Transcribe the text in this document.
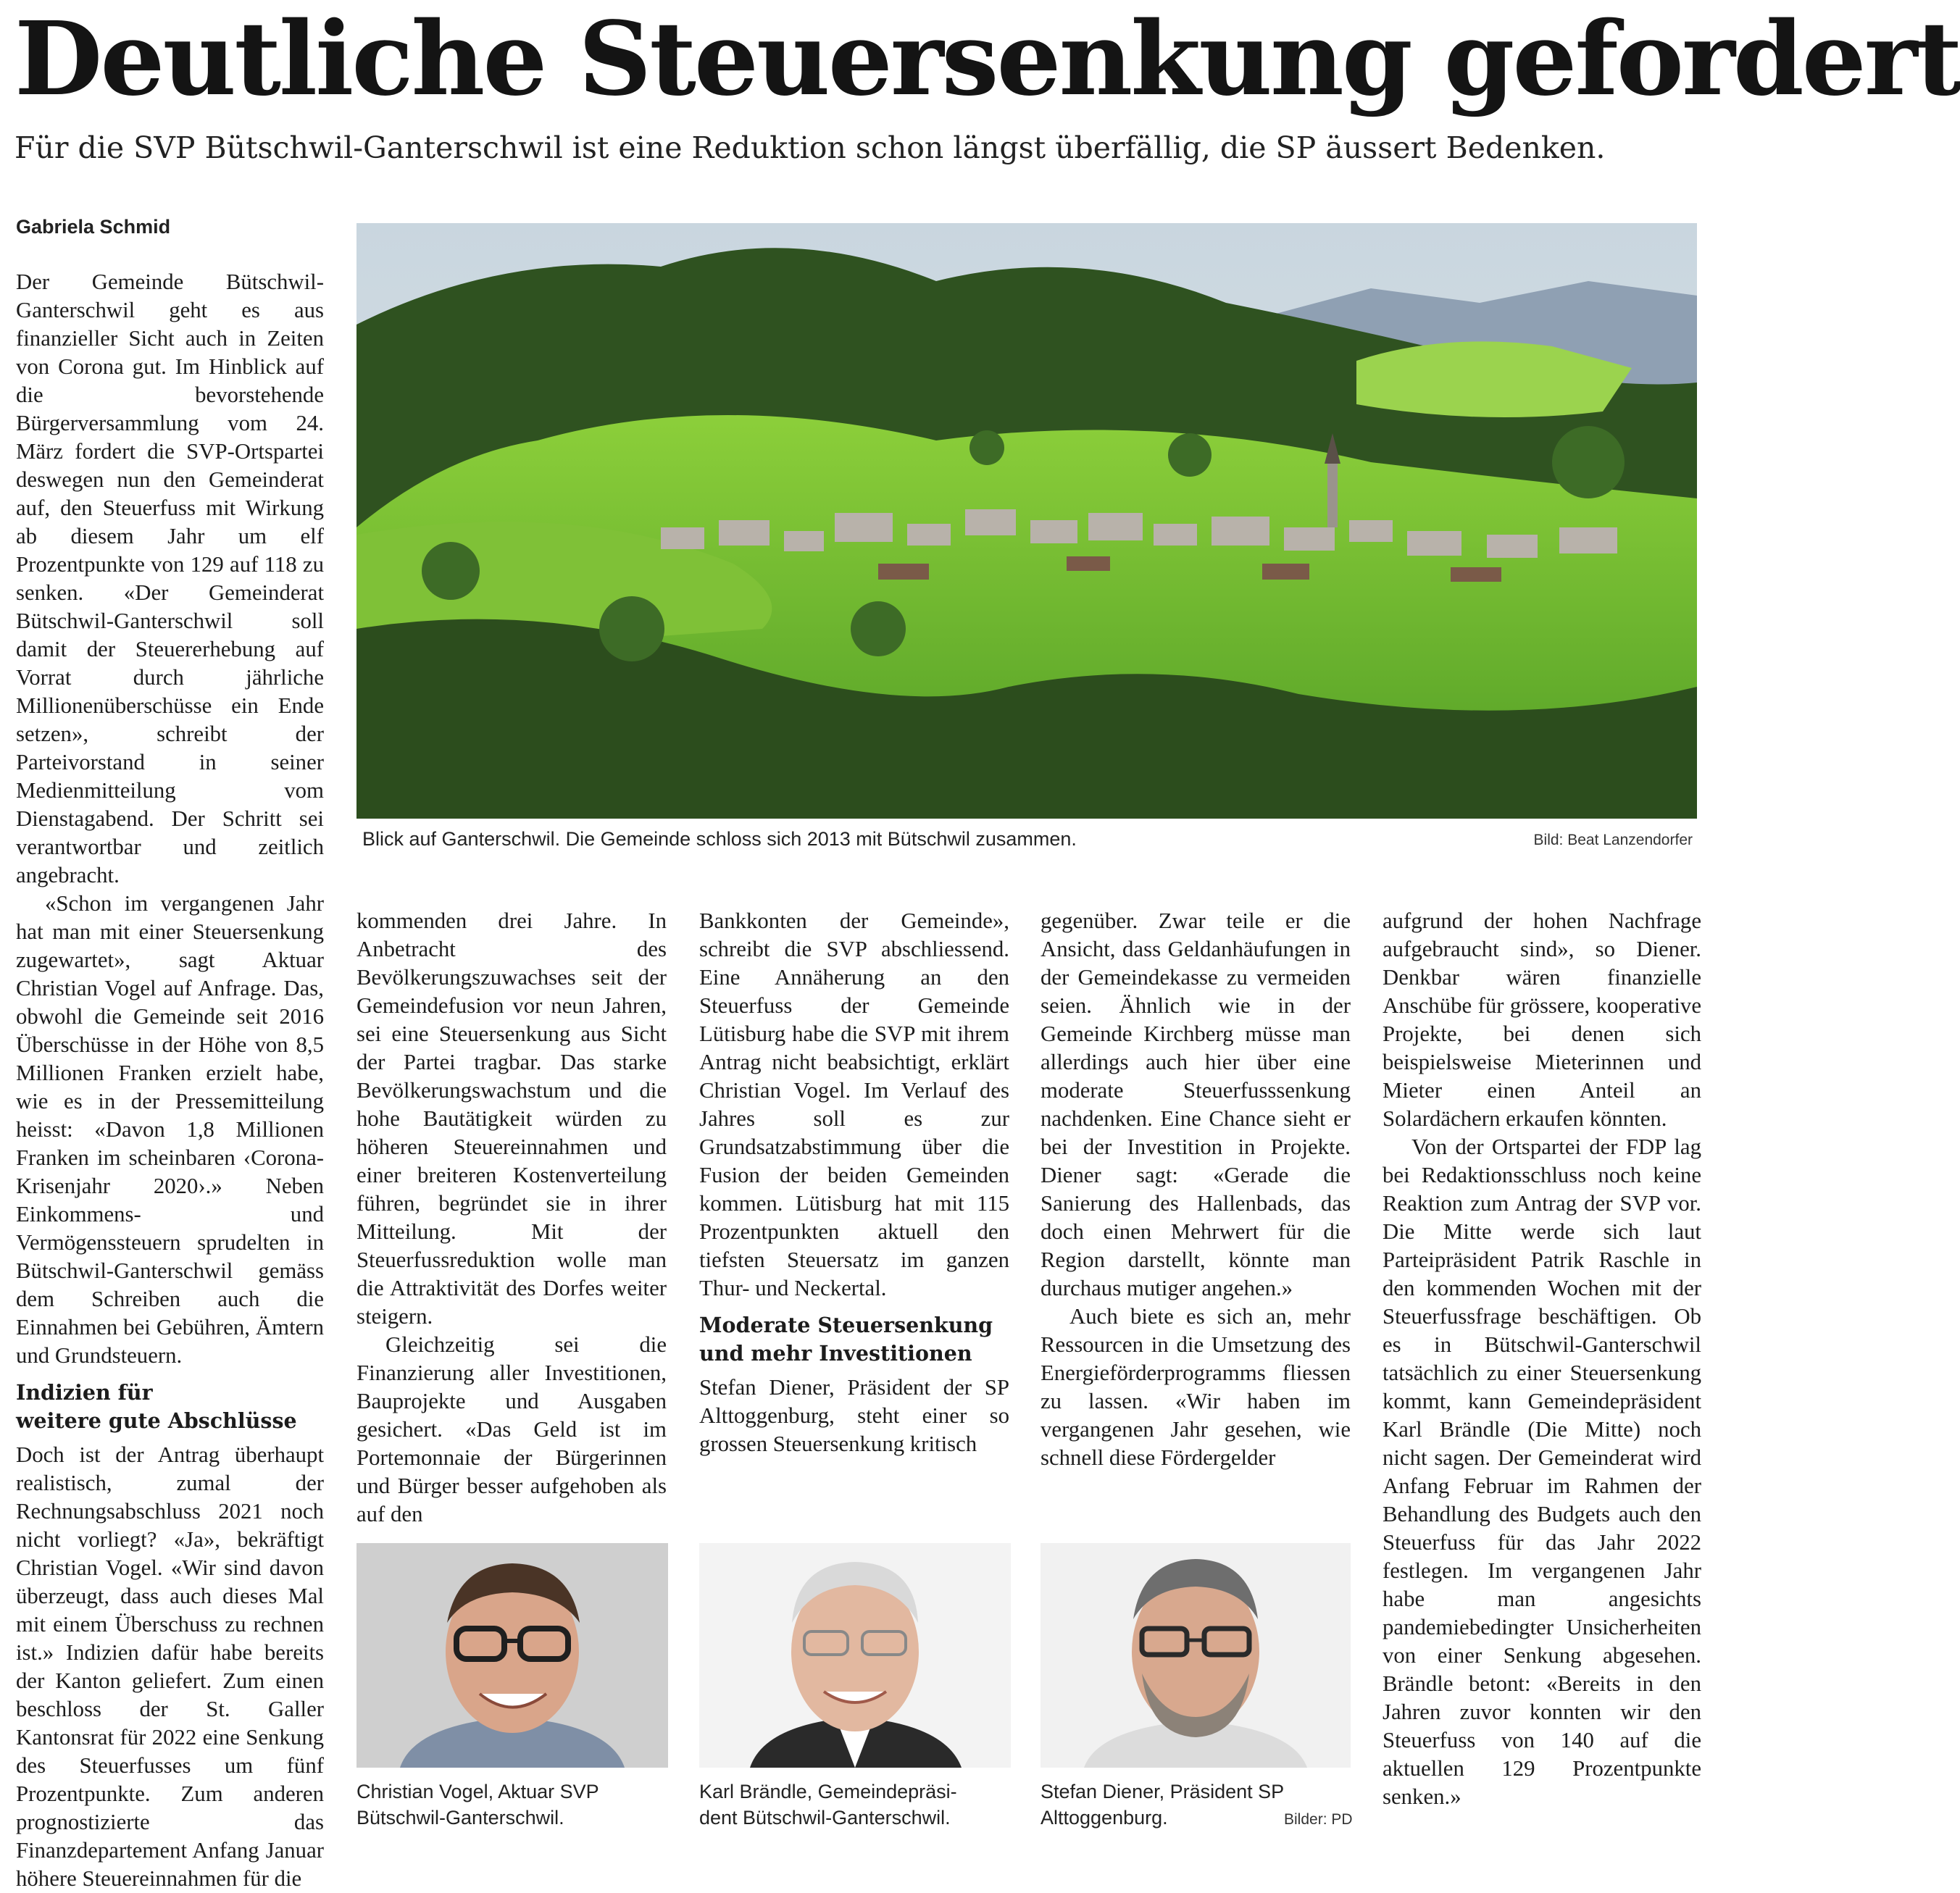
Deutliche Steuersenkung gefordert

Für die SVP Bütschwil-Ganterschwil ist eine Reduktion schon längst überfällig, die SP äussert Bedenken.

Gabriela Schmid

Der Gemeinde Bütschwil-Ganterschwil geht es aus finanzieller Sicht auch in Zeiten von Corona gut. Im Hinblick auf die bevorstehende Bürgerversammlung vom 24. März fordert die SVP-Ortspartei deswegen nun den Gemeinderat auf, den Steuerfuss mit Wirkung ab diesem Jahr um elf Prozentpunkte von 129 auf 118 zu senken. «Der Gemeinderat Bütschwil-Ganterschwil soll damit der Steuererhebung auf Vorrat durch jährliche Millionenüberschüsse ein Ende setzen», schreibt der Parteivorstand in seiner Medienmitteilung vom Dienstagabend. Der Schritt sei verantwortbar und zeitlich angebracht.

«Schon im vergangenen Jahr hat man mit einer Steuersenkung zugewartet», sagt Aktuar Christian Vogel auf Anfrage. Das, obwohl die Gemeinde seit 2016 Überschüsse in der Höhe von 8,5 Millionen Franken erzielt habe, wie es in der Pressemitteilung heisst: «Davon 1,8 Millionen Franken im scheinbaren ‹Corona-Krisenjahr 2020›.» Neben Einkommens- und Vermögenssteuern sprudelten in Bütschwil-Ganterschwil gemäss dem Schreiben auch die Einnahmen bei Gebühren, Ämtern und Grundsteuern.

Indizien für
weitere gute Abschlüsse

Doch ist der Antrag überhaupt realistisch, zumal der Rechnungsabschluss 2021 noch nicht vorliegt? «Ja», bekräftigt Christian Vogel. «Wir sind davon überzeugt, dass auch dieses Mal mit einem Überschuss zu rechnen ist.» Indizien dafür habe bereits der Kanton geliefert. Zum einen beschloss der St. Galler Kantonsrat für 2022 eine Senkung des Steuerfusses um fünf Prozentpunkte. Zum anderen prognostizierte das Finanzdepartement Anfang Januar höhere Steuereinnahmen für die

Blick auf Ganterschwil. Die Gemeinde schloss sich 2013 mit Bütschwil zusammen.	Bild: Beat Lanzendorfer

kommenden drei Jahre. In Anbetracht des Bevölkerungszuwachses seit der Gemeindefusion vor neun Jahren, sei eine Steuersenkung aus Sicht der Partei tragbar. Das starke Bevölkerungswachstum und die hohe Bautätigkeit würden zu höheren Steuereinnahmen und einer breiteren Kostenverteilung führen, begründet sie in ihrer Mitteilung. Mit der Steuerfussreduktion wolle man die Attraktivität des Dorfes weiter steigern.

Gleichzeitig sei die Finanzierung aller Investitionen, Bauprojekte und Ausgaben gesichert. «Das Geld ist im Portemonnaie der Bürgerinnen und Bürger besser aufgehoben als auf den

Bankkonten der Gemeinde», schreibt die SVP abschliessend. Eine Annäherung an den Steuerfuss der Gemeinde Lütisburg habe die SVP mit ihrem Antrag nicht beabsichtigt, erklärt Christian Vogel. Im Verlauf des Jahres soll es zur Grundsatzabstimmung über die Fusion der beiden Gemeinden kommen. Lütisburg hat mit 115 Prozentpunkten aktuell den tiefsten Steuersatz im ganzen Thur- und Neckertal.

Moderate Steuersenkung
und mehr Investitionen

Stefan Diener, Präsident der SP Alttoggenburg, steht einer so grossen Steuersenkung kritisch

gegenüber. Zwar teile er die Ansicht, dass Geldanhäufungen in der Gemeindekasse zu vermeiden seien. Ähnlich wie in der Gemeinde Kirchberg müsse man allerdings auch hier über eine moderate Steuerfusssenkung nachdenken. Eine Chance sieht er bei der Investition in Projekte. Diener sagt: «Gerade die Sanierung des Hallenbads, das doch einen Mehrwert für die Region darstellt, könnte man durchaus mutiger angehen.»

Auch biete es sich an, mehr Ressourcen in die Umsetzung des Energieförderprogramms fliessen zu lassen. «Wir haben im vergangenen Jahr gesehen, wie schnell diese Fördergelder

aufgrund der hohen Nachfrage aufgebraucht sind», so Diener. Denkbar wären finanzielle Anschübe für grössere, kooperative Projekte, bei denen sich beispielsweise Mieterinnen und Mieter einen Anteil an Solardächern erkaufen könnten.

Von der Ortspartei der FDP lag bei Redaktionsschluss noch keine Reaktion zum Antrag der SVP vor. Die Mitte werde sich laut Parteipräsident Patrik Raschle in den kommenden Wochen mit der Steuerfussfrage beschäftigen. Ob es in Bütschwil-Ganterschwil tatsächlich zu einer Steuersenkung kommt, kann Gemeindepräsident Karl Brändle (Die Mitte) noch nicht sagen. Der Gemeinderat wird Anfang Februar im Rahmen der Behandlung des Budgets auch den Steuerfuss für das Jahr 2022 festlegen. Im vergangenen Jahr habe man angesichts pandemiebedingter Unsicherheiten von einer Senkung abgesehen. Brändle betont: «Bereits in den Jahren zuvor konnten wir den Steuerfuss von 140 auf die aktuellen 129 Prozentpunkte senken.»

Christian Vogel, Aktuar SVP
Bütschwil-Ganterschwil.
Karl Brändle, Gemeindepräsi-
dent Bütschwil-Ganterschwil.
Stefan Diener, Präsident SP
Alttoggenburg.	Bilder: PD
